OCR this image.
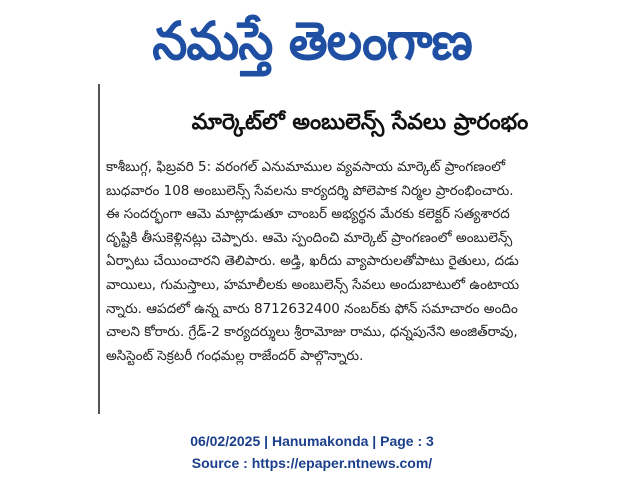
నమస్తే తెలంగాణ
మార్కెట్‌లో అంబులెన్స్‌ సేవలు ప్రారంభం
కాశీబుగ్గ, ఫిబ్రవరి 5: వరంగల్‌ ఎనుమాముల వ్యవసాయ మార్కెట్‌ ప్రాంగణంలో
బుధవారం 108 అంబులెన్స్‌ సేవలను కార్యదర్శి పోలెపాక నిర్మల ప్రారంభించారు.
ఈ సందర్భంగా ఆమె మాట్లాడుతూ చాంబర్‌ అభ్యర్థన మేరకు కలెక్టర్‌ సత్యశారద
దృష్టికి తీసుకెళ్లినట్లు చెప్పారు. ఆమె స్పందించి మార్కెట్‌ ప్రాంగణంలో అంబులెన్స్‌
ఏర్పాటు చేయించారని తెలిపారు. అడ్తి, ఖరీదు వ్యాపారులతోపాటు రైతులు, దడు
వాయిలు, గుమస్తాలు, హమాలీలకు అంబులెన్స్‌ సేవలు అందుబాటులో ఉంటాయ
న్నారు. ఆపదలో ఉన్న వారు 8712632400 నంబర్‌కు ఫోన్‌ సమాచారం అందిం
చాలని కోరారు. గ్రేడ్‌-2 కార్యదర్శులు శ్రీరామోజు రాము, ధన్నపునేని అంజిత్‌రావు,
అసిస్టెంట్‌ సెక్రటరీ గంధమల్ల రాజేందర్‌ పాల్గొన్నారు.
06/02/2025 | Hanumakonda | Page : 3
Source : https://epaper.ntnews.com/
